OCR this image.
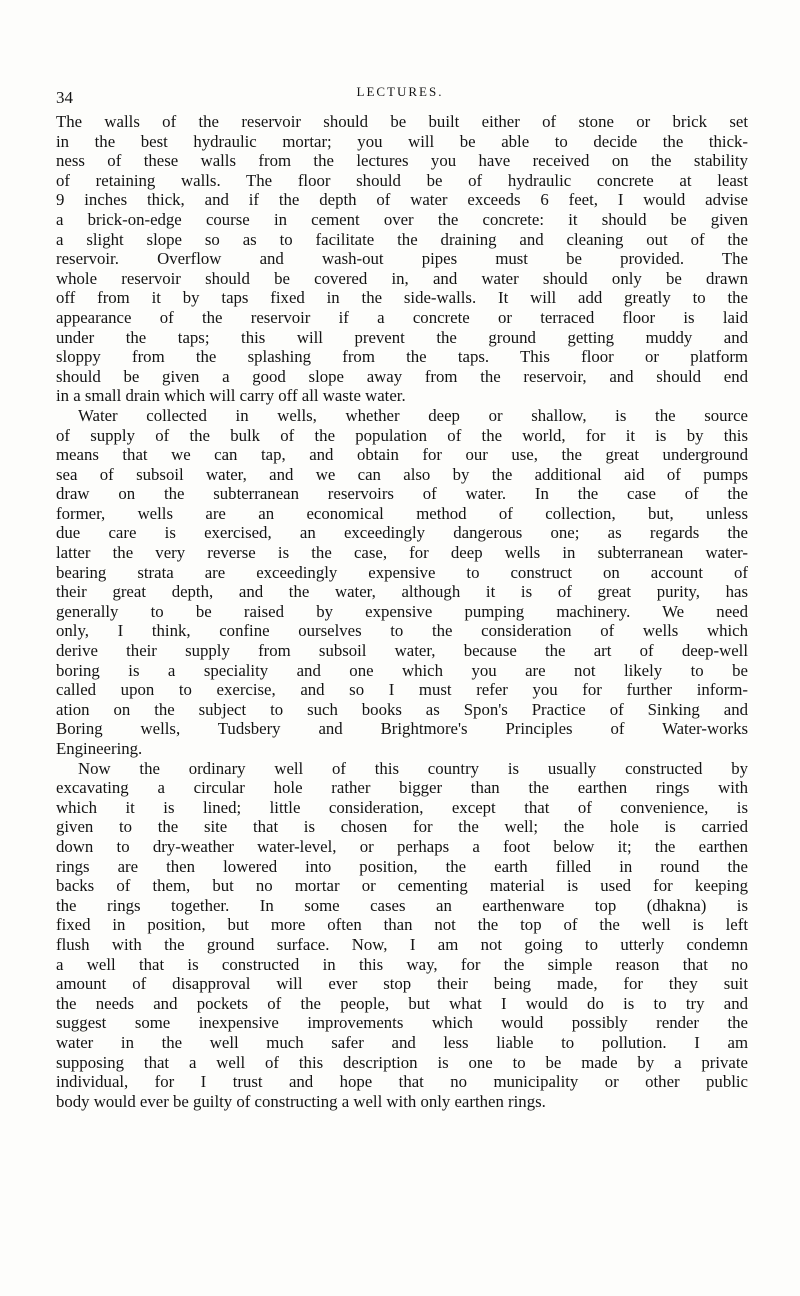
34	LECTURES.
The walls of the reservoir should be built either of stone or brick set
in the best hydraulic mortar; you will be able to decide the thick-
ness of these walls from the lectures you have received on the stability
of retaining walls. The floor should be of hydraulic concrete at least
9 inches thick, and if the depth of water exceeds 6 feet, I would advise
a brick-on-edge course in cement over the concrete: it should be given
a slight slope so as to facilitate the draining and cleaning out of the
reservoir. Overflow and wash-out pipes must be provided. The
whole reservoir should be covered in, and water should only be drawn
off from it by taps fixed in the side-walls. It will add greatly to the
appearance of the reservoir if a concrete or terraced floor is laid
under the taps; this will prevent the ground getting muddy and
sloppy from the splashing from the taps. This floor or platform
should be given a good slope away from the reservoir, and should end
in a small drain which will carry off all waste water.
Water collected in wells, whether deep or shallow, is the source
of supply of the bulk of the population of the world, for it is by this
means that we can tap, and obtain for our use, the great underground
sea of subsoil water, and we can also by the additional aid of pumps
draw on the subterranean reservoirs of water. In the case of the
former, wells are an economical method of collection, but, unless
due care is exercised, an exceedingly dangerous one; as regards the
latter the very reverse is the case, for deep wells in subterranean water-
bearing strata are exceedingly expensive to construct on account of
their great depth, and the water, although it is of great purity, has
generally to be raised by expensive pumping machinery. We need
only, I think, confine ourselves to the consideration of wells which
derive their supply from subsoil water, because the art of deep-well
boring is a speciality and one which you are not likely to be
called upon to exercise, and so I must refer you for further inform-
ation on the subject to such books as Spon's Practice of Sinking and
Boring wells, Tudsbery and Brightmore's Principles of Water-works
Engineering.
Now the ordinary well of this country is usually constructed by
excavating a circular hole rather bigger than the earthen rings with
which it is lined; little consideration, except that of convenience, is
given to the site that is chosen for the well; the hole is carried
down to dry-weather water-level, or perhaps a foot below it; the earthen
rings are then lowered into position, the earth filled in round the
backs of them, but no mortar or cementing material is used for keeping
the rings together. In some cases an earthenware top (dhakna) is
fixed in position, but more often than not the top of the well is left
flush with the ground surface. Now, I am not going to utterly condemn
a well that is constructed in this way, for the simple reason that no
amount of disapproval will ever stop their being made, for they suit
the needs and pockets of the people, but what I would do is to try and
suggest some inexpensive improvements which would possibly render the
water in the well much safer and less liable to pollution. I am
supposing that a well of this description is one to be made by a private
individual, for I trust and hope that no municipality or other public
body would ever be guilty of constructing a well with only earthen rings.
